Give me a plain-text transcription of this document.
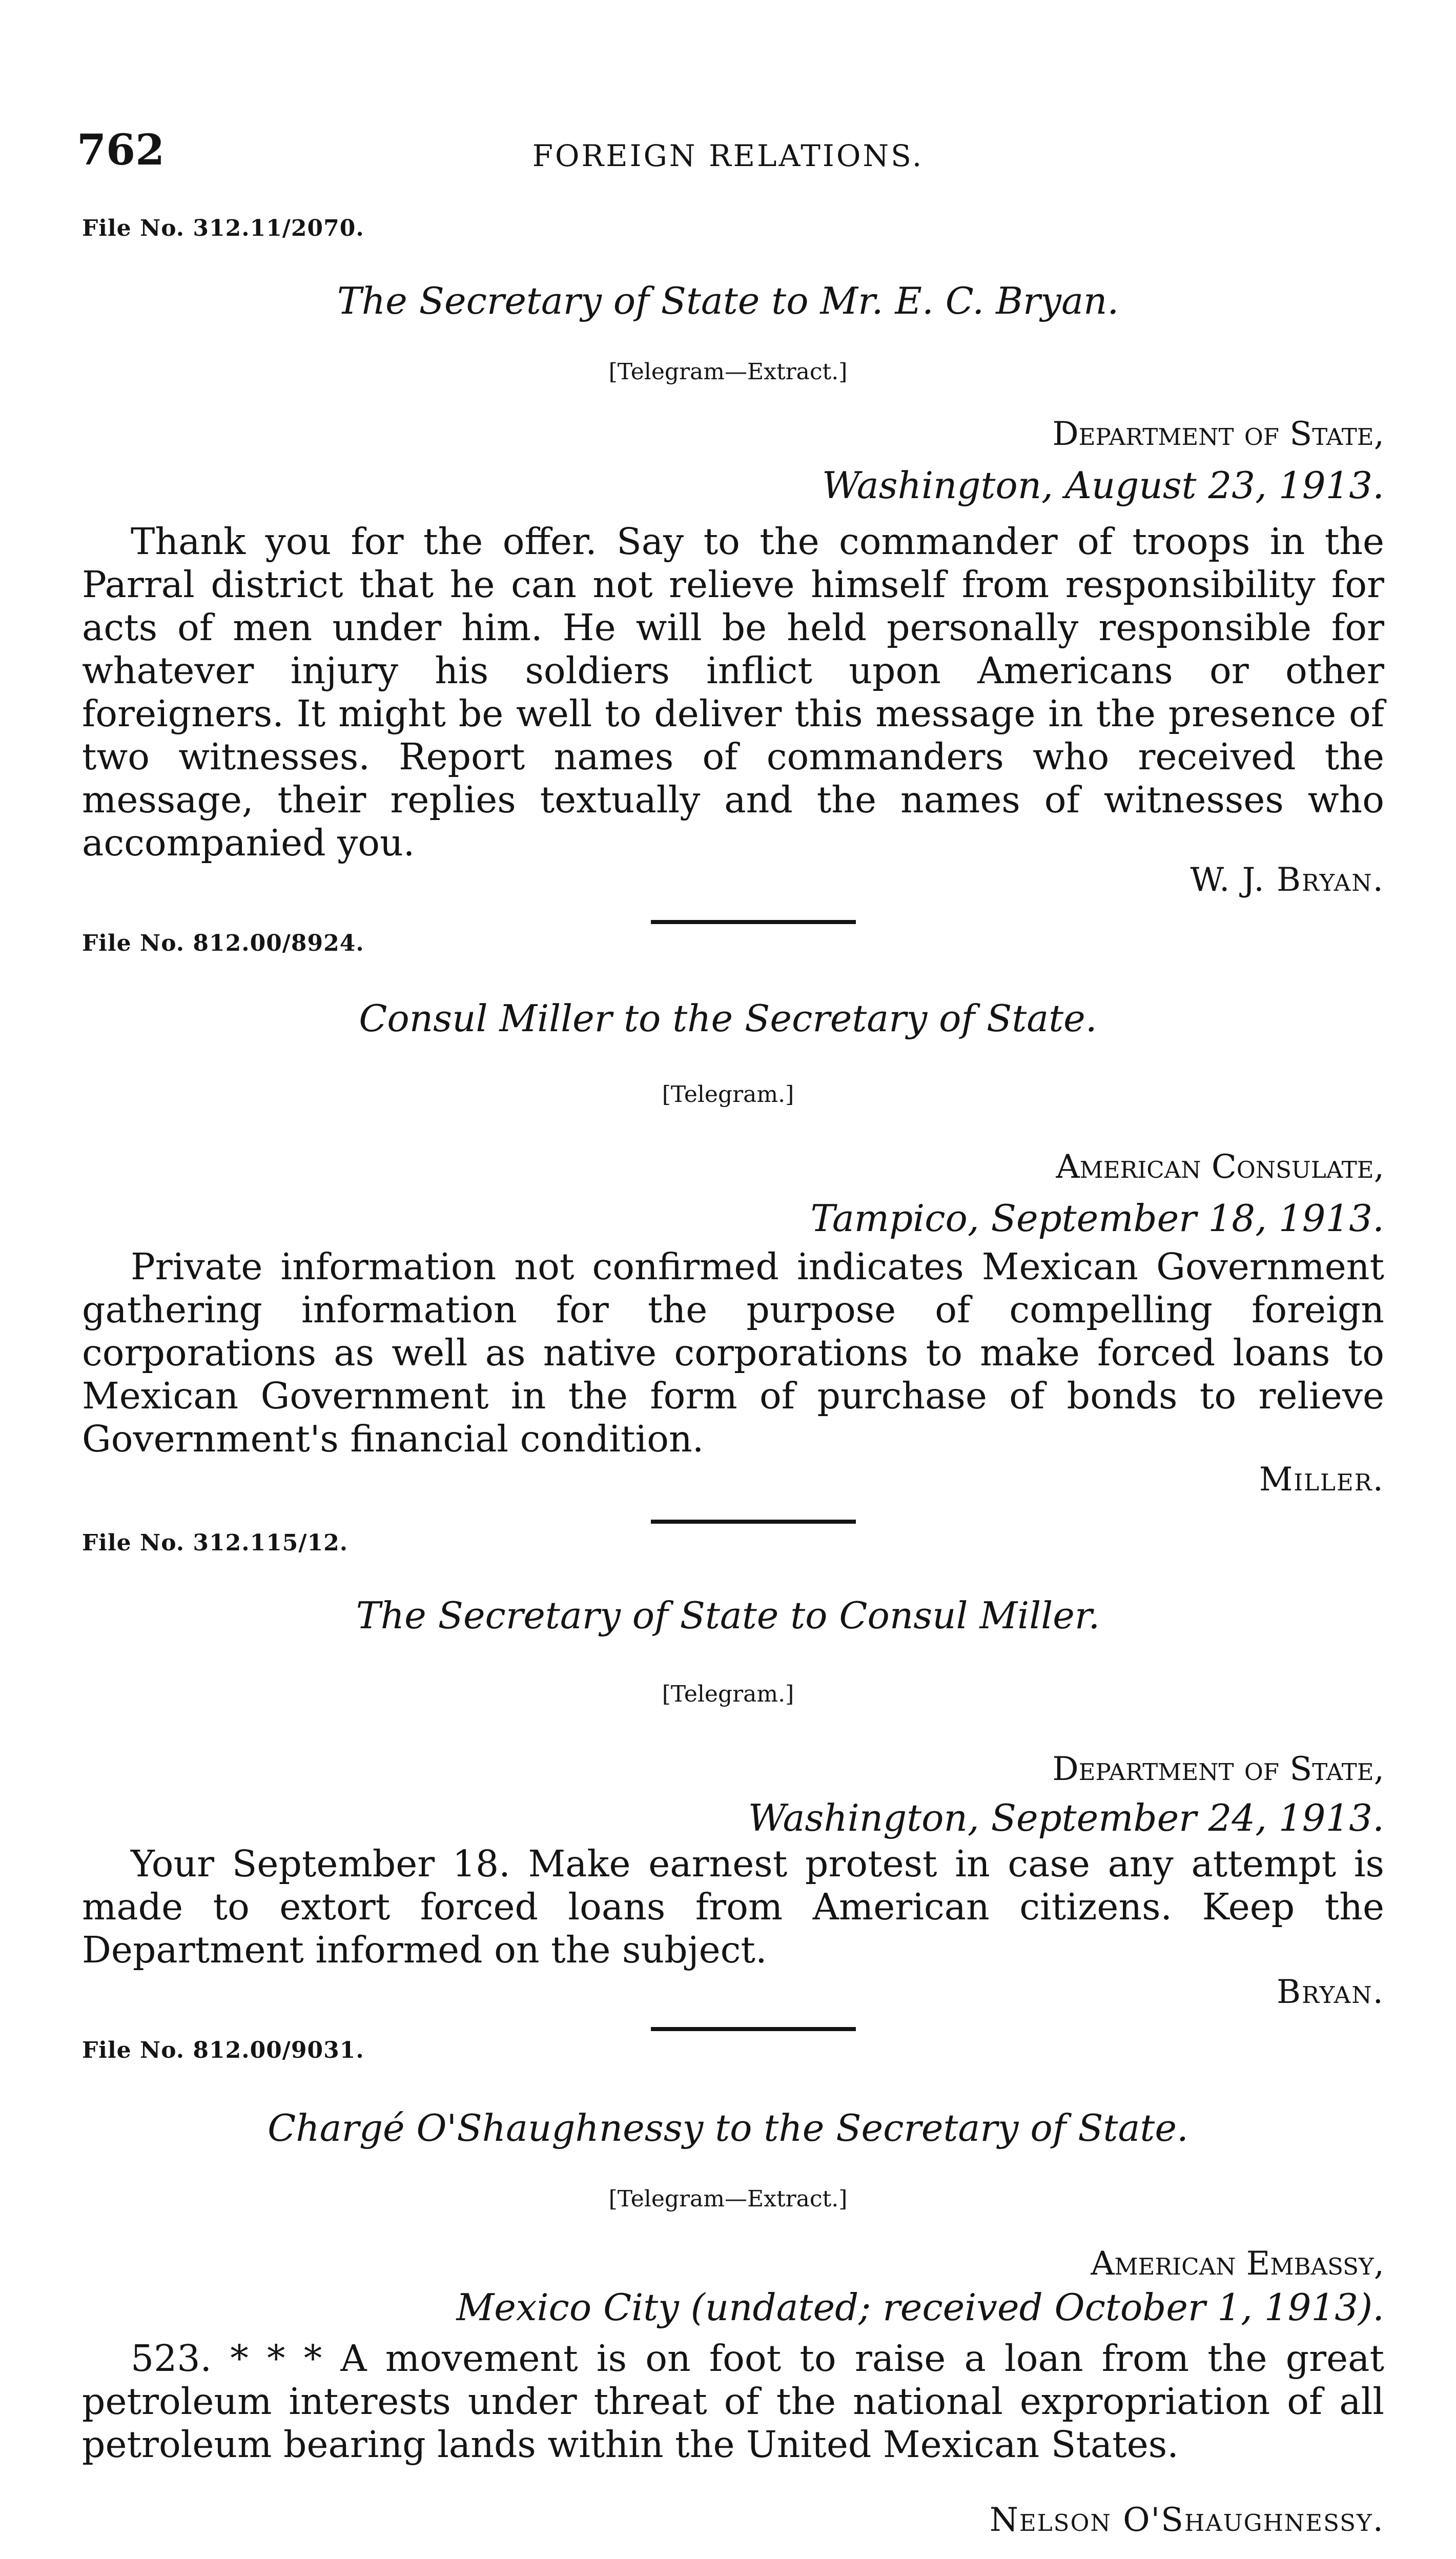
762	FOREIGN RELATIONS.
File No. 312.11/2070.
The Secretary of State to Mr. E. C. Bryan.
[Telegram—Extract.]
Department of State,
Washington, August 23, 1913.
Thank you for the offer. Say to the commander of troops in the Parral district that he can not relieve himself from responsibility for acts of men under him. He will be held personally responsible for whatever injury his soldiers inflict upon Americans or other foreigners. It might be well to deliver this message in the presence of two witnesses. Report names of commanders who received the message, their replies textually and the names of witnesses who accompanied you.
W. J. Bryan.
File No. 812.00/8924.
Consul Miller to the Secretary of State.
[Telegram.]
American Consulate,
Tampico, September 18, 1913.
Private information not confirmed indicates Mexican Government gathering information for the purpose of compelling foreign corporations as well as native corporations to make forced loans to Mexican Government in the form of purchase of bonds to relieve Government's financial condition.
Miller.
File No. 312.115/12.
The Secretary of State to Consul Miller.
[Telegram.]
Department of State,
Washington, September 24, 1913.
Your September 18. Make earnest protest in case any attempt is made to extort forced loans from American citizens. Keep the Department informed on the subject.
Bryan.
File No. 812.00/9031.
Chargé O'Shaughnessy to the Secretary of State.
[Telegram—Extract.]
American Embassy,
Mexico City (undated; received October 1, 1913).
523. * * * A movement is on foot to raise a loan from the great petroleum interests under threat of the national expropriation of all petroleum bearing lands within the United Mexican States.
Nelson O'Shaughnessy.
